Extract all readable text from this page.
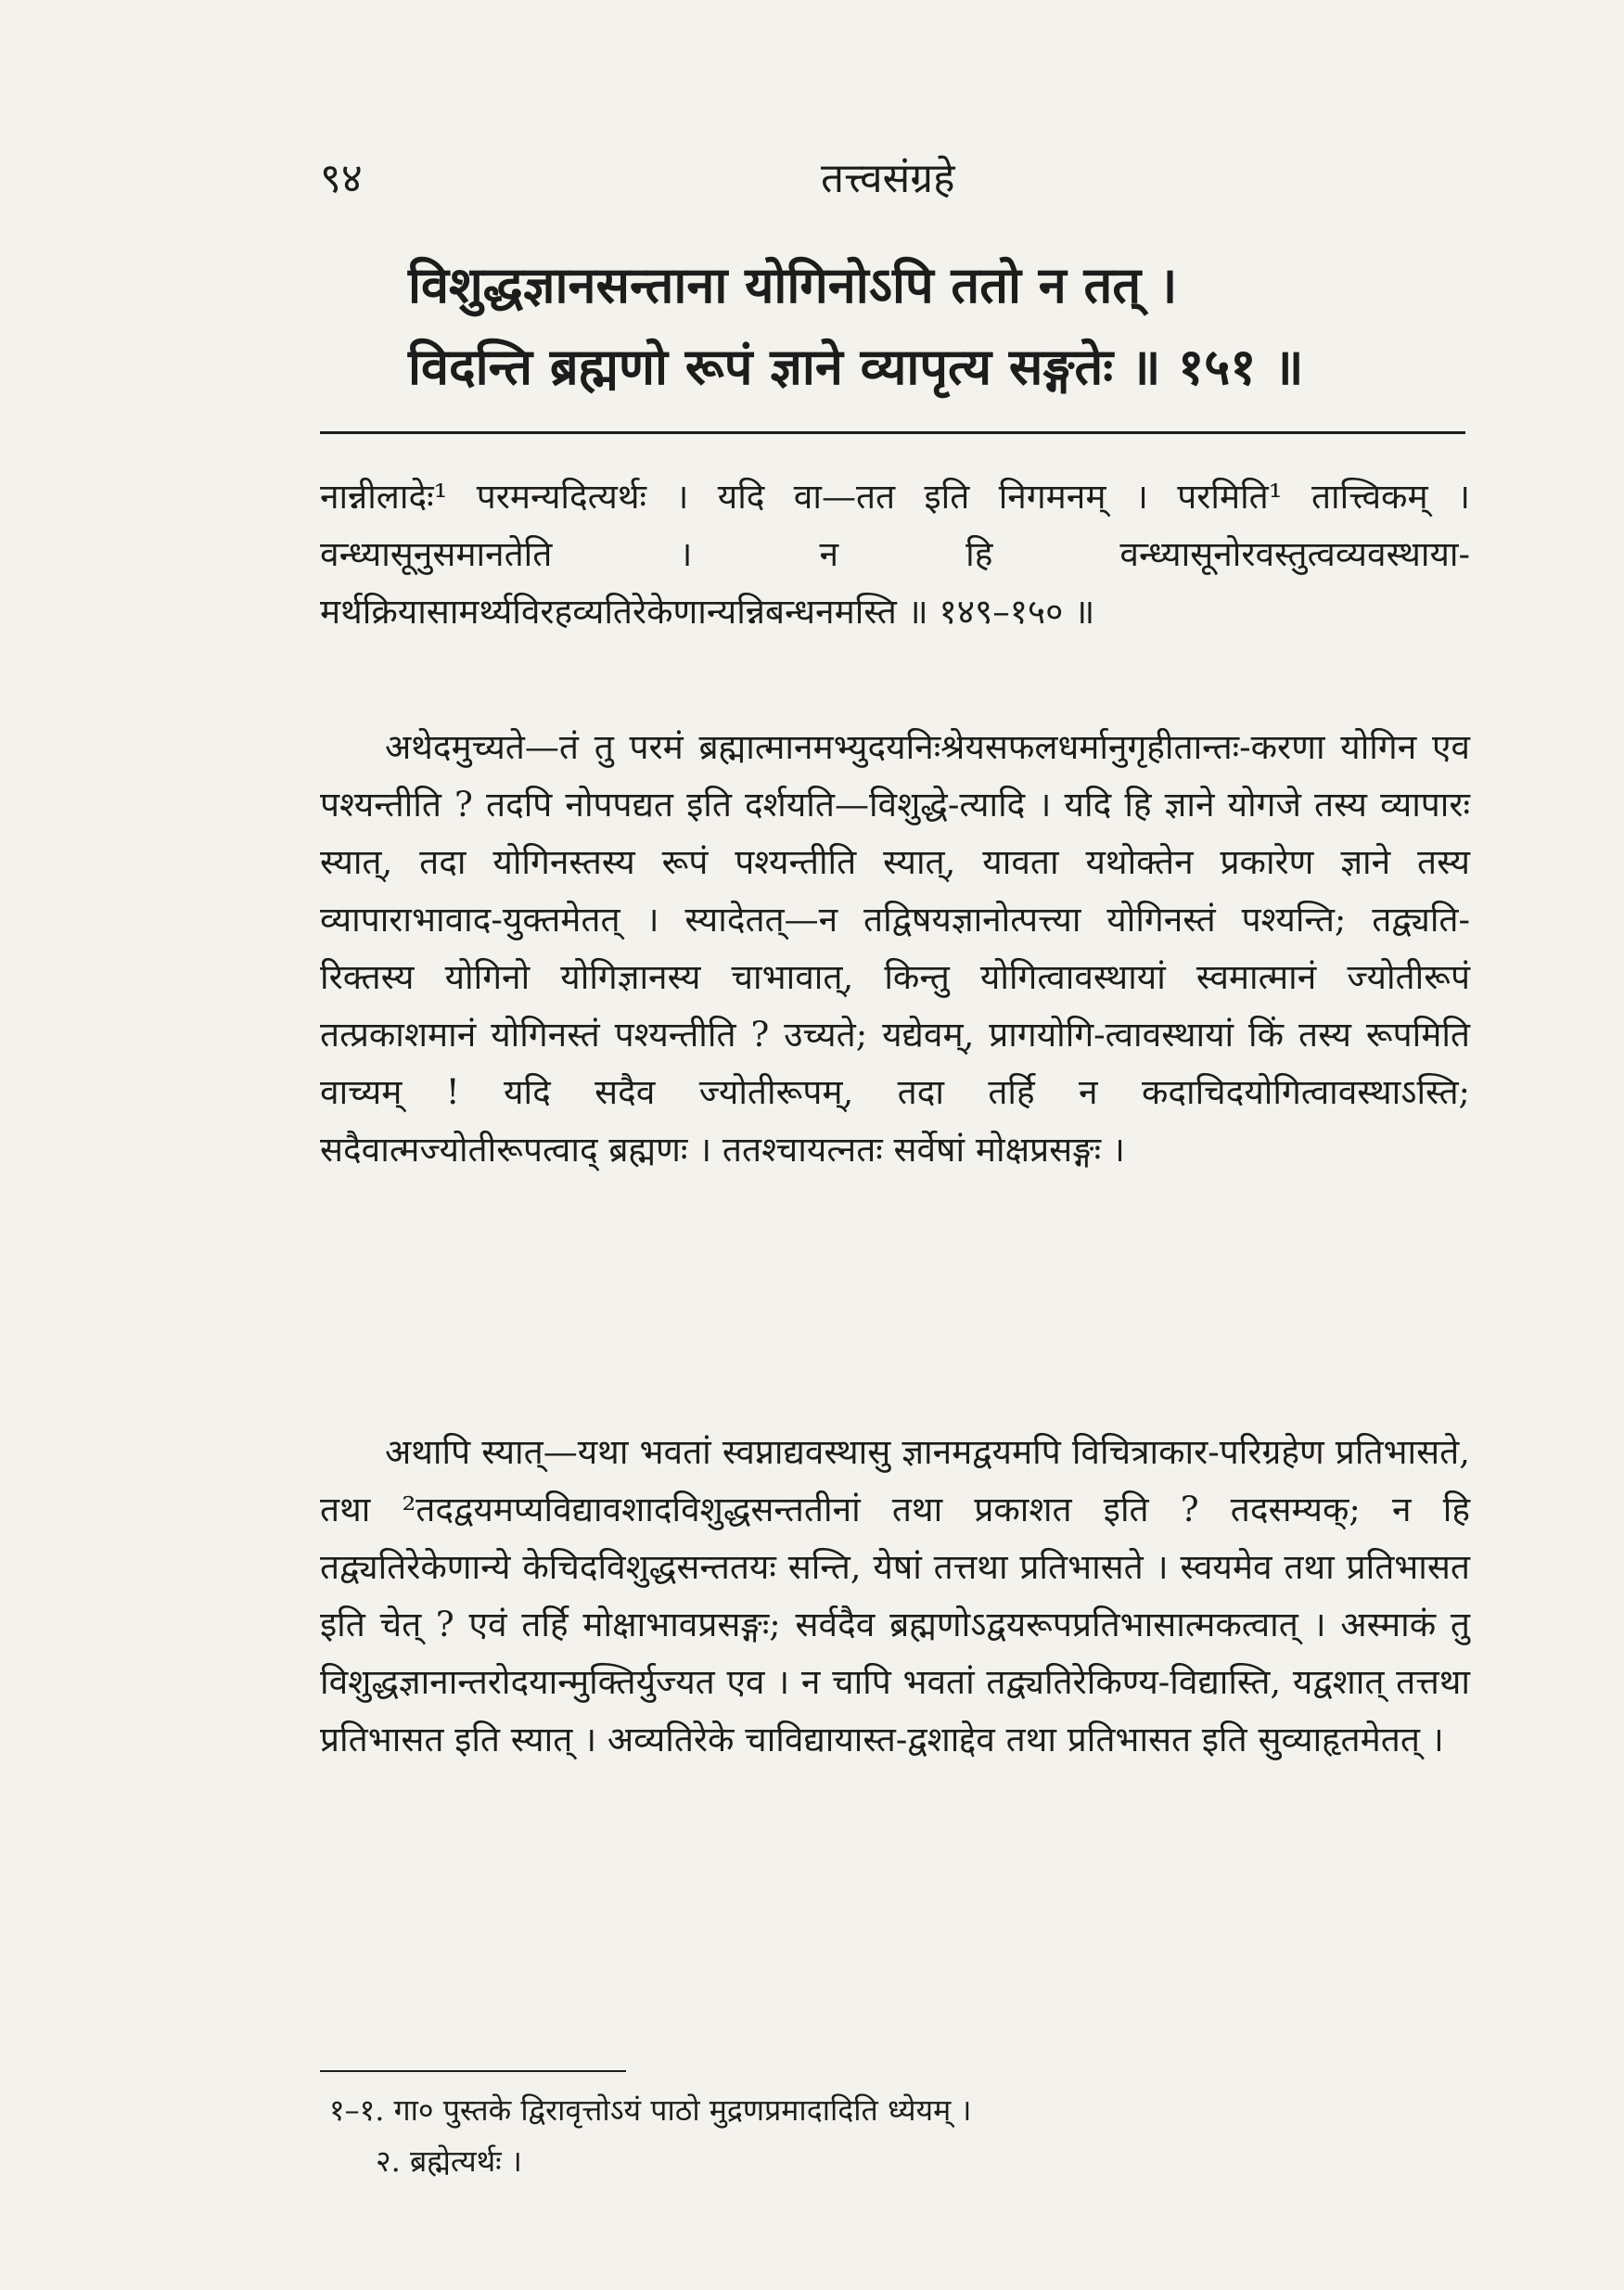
९४	तत्त्वसंग्रहे
विशुद्धज्ञानसन्ताना योगिनोऽपि ततो न तत् ।
विदन्ति ब्रह्मणो रूपं ज्ञाने व्यापृत्य सङ्गतेः ॥ १५१ ॥
नान्नीलादेः¹ परमन्यदित्यर्थः । यदि वा—तत इति निगमनम् । परमिति¹ तात्त्विकम् । वन्ध्यासूनुसमानतेति । न हि वन्ध्यासूनोरवस्तुत्वव्यवस्थाया-मर्थक्रियासामर्थ्यविरहव्यतिरेकेणान्यन्निबन्धनमस्ति ॥ १४९–१५० ॥
अथेदमुच्यते—तं तु परमं ब्रह्मात्मानमभ्युदयनिःश्रेयसफलधर्मानुगृहीतान्तः-करणा योगिन एव पश्यन्तीति ? तदपि नोपपद्यत इति दर्शयति—विशुद्धे-त्यादि । यदि हि ज्ञाने योगजे तस्य व्यापारः स्यात्, तदा योगिनस्तस्य रूपं पश्यन्तीति स्यात्, यावता यथोक्तेन प्रकारेण ज्ञाने तस्य व्यापाराभावाद-युक्तमेतत् । स्यादेतत्—न तद्विषयज्ञानोत्पत्त्या योगिनस्तं पश्यन्ति; तद्व्यति-रिक्तस्य योगिनो योगिज्ञानस्य चाभावात्, किन्तु योगित्वावस्थायां स्वमात्मानं ज्योतीरूपं तत्प्रकाशमानं योगिनस्तं पश्यन्तीति ? उच्यते; यद्येवम्, प्रागयोगि-त्वावस्थायां किं तस्य रूपमिति वाच्यम् ! यदि सदैव ज्योतीरूपम्, तदा तर्हि न कदाचिदयोगित्वावस्थाऽस्ति; सदैवात्मज्योतीरूपत्वाद् ब्रह्मणः । ततश्चायत्नतः सर्वेषां मोक्षप्रसङ्गः ।
अथापि स्यात्—यथा भवतां स्वप्नाद्यवस्थासु ज्ञानमद्वयमपि विचित्राकार-परिग्रहेण प्रतिभासते, तथा ²तदद्वयमप्यविद्यावशादविशुद्धसन्ततीनां तथा प्रकाशत इति ? तदसम्यक्; न हि तद्व्यतिरेकेणान्ये केचिदविशुद्धसन्ततयः सन्ति, येषां तत्तथा प्रतिभासते । स्वयमेव तथा प्रतिभासत इति चेत् ? एवं तर्हि मोक्षाभावप्रसङ्गः; सर्वदैव ब्रह्मणोऽद्वयरूपप्रतिभासात्मकत्वात् । अस्माकं तु विशुद्धज्ञानान्तरोदयान्मुक्तिर्युज्यत एव । न चापि भवतां तद्व्यतिरेकिण्य-विद्यास्ति, यद्वशात् तत्तथा प्रतिभासत इति स्यात् । अव्यतिरेके चाविद्यायास्त-द्वशाद्देव तथा प्रतिभासत इति सुव्याहृतमेतत् ।
१–१. गा० पुस्तके द्विरावृत्तोऽयं पाठो मुद्रणप्रमादादिति ध्येयम् ।
२. ब्रह्मेत्यर्थः ।
